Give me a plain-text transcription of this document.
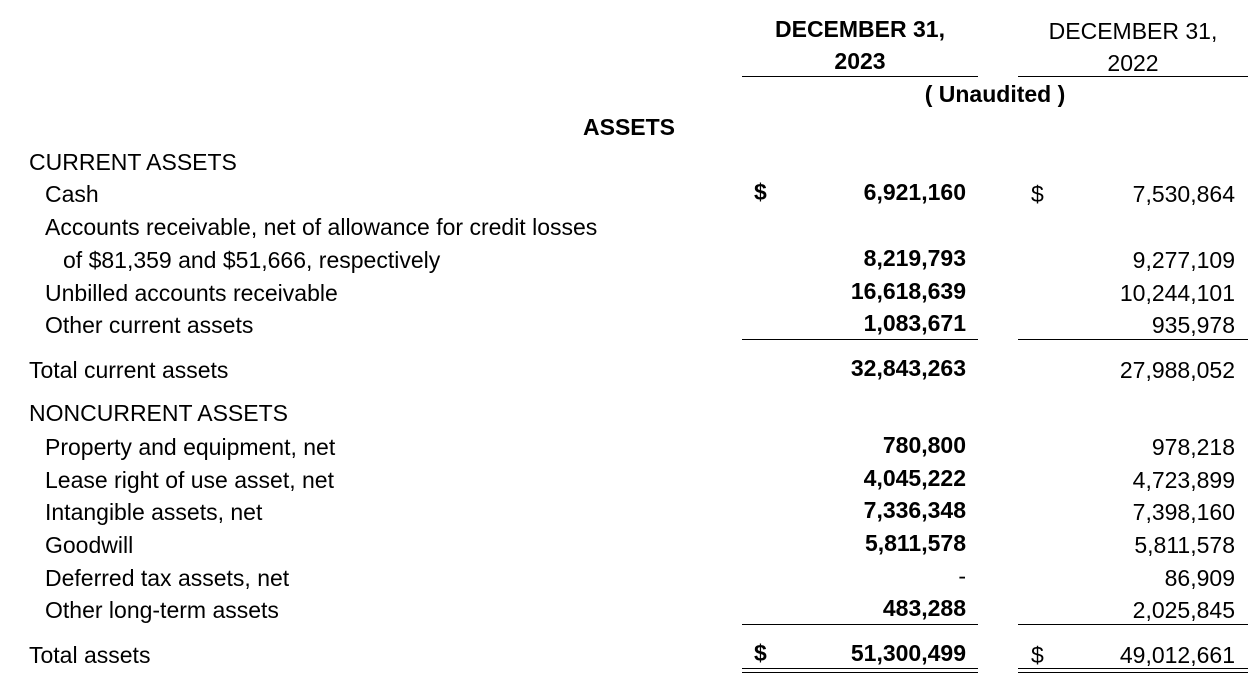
DECEMBER 31,
2023
DECEMBER 31,
2022
( Unaudited )
ASSETS
CURRENT ASSETS
Cash	$	6,921,160	$	7,530,864
Accounts receivable, net of allowance for credit losses
of $81,359 and $51,666, respectively	8,219,793	9,277,109
Unbilled accounts receivable	16,618,639	10,244,101
Other current assets	1,083,671	935,978
Total current assets	32,843,263	27,988,052
NONCURRENT ASSETS
Property and equipment, net	780,800	978,218
Lease right of use asset, net	4,045,222	4,723,899
Intangible assets, net	7,336,348	7,398,160
Goodwill	5,811,578	5,811,578
Deferred tax assets, net	-	86,909
Other long-term assets	483,288	2,025,845
Total assets	$	51,300,499	$	49,012,661
